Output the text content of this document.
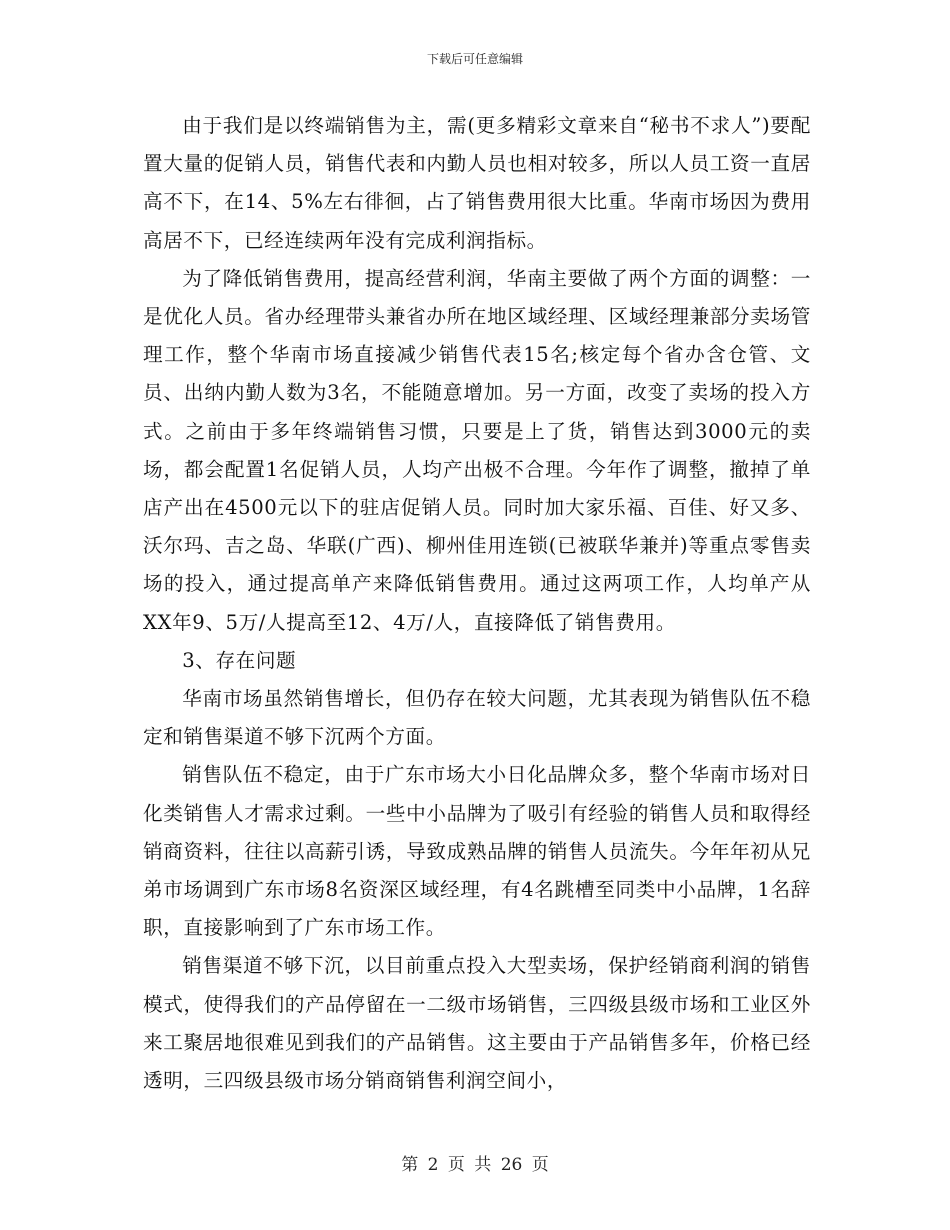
下载后可任意编辑

由于我们是以终端销售为主，需(更多精彩文章来自“秘书不求人”)要配置大量的促销人员，销售代表和内勤人员也相对较多，所以人员工资一直居高不下，在14、5%左右徘徊，占了销售费用很大比重。华南市场因为费用高居不下，已经连续两年没有完成利润指标。

为了降低销售费用，提高经营利润，华南主要做了两个方面的调整：一是优化人员。省办经理带头兼省办所在地区域经理、区域经理兼部分卖场管理工作，整个华南市场直接减少销售代表15名;核定每个省办含仓管、文员、出纳内勤人数为3名，不能随意增加。另一方面，改变了卖场的投入方式。之前由于多年终端销售习惯，只要是上了货，销售达到3000元的卖场，都会配置1名促销人员，人均产出极不合理。今年作了调整，撤掉了单店产出在4500元以下的驻店促销人员。同时加大家乐福、百佳、好又多、沃尔玛、吉之岛、华联(广西)、柳州佳用连锁(已被联华兼并)等重点零售卖场的投入，通过提高单产来降低销售费用。通过这两项工作，人均单产从XX年9、5万/人提高至12、4万/人，直接降低了销售费用。

3、存在问题

华南市场虽然销售增长，但仍存在较大问题，尤其表现为销售队伍不稳定和销售渠道不够下沉两个方面。

销售队伍不稳定，由于广东市场大小日化品牌众多，整个华南市场对日化类销售人才需求过剩。一些中小品牌为了吸引有经验的销售人员和取得经销商资料，往往以高薪引诱，导致成熟品牌的销售人员流失。今年年初从兄弟市场调到广东市场8名资深区域经理，有4名跳槽至同类中小品牌，1名辞职，直接影响到了广东市场工作。

销售渠道不够下沉，以目前重点投入大型卖场，保护经销商利润的销售模式，使得我们的产品停留在一二级市场销售，三四级县级市场和工业区外来工聚居地很难见到我们的产品销售。这主要由于产品销售多年，价格已经透明，三四级县级市场分销商销售利润空间小，

第 2 页 共 26 页
